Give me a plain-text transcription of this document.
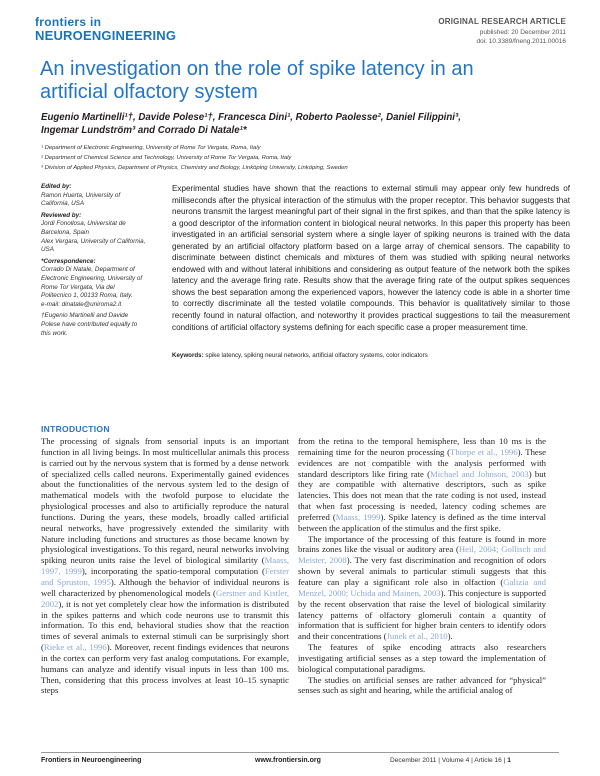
frontiers in
NEUROENGINEERING
ORIGINAL RESEARCH ARTICLE
published: 20 December 2011
doi: 10.3389/fneng.2011.00016
An investigation on the role of spike latency in an artificial olfactory system
Eugenio Martinelli¹†, Davide Polese¹†, Francesca Dini¹, Roberto Paolesse², Daniel Filippini³,
Ingemar Lundström³ and Corrado Di Natale¹*
¹ Department of Electronic Engineering, University of Rome Tor Vergata, Roma, Italy
² Department of Chemical Science and Technology, University of Rome Tor Vergata, Roma, Italy
³ Division of Applied Physics, Department of Physics, Chemistry and Biology, Linköping University, Linköping, Sweden
Edited by:
Ramon Huerta, University of California, USA
Reviewed by:
Jordi Fonollosa, Universitat de Barcelona, Spain
Alex Vergara, University of California, USA
*Correspondence:
Corrado Di Natale, Department of Electronic Engineering, University of Rome Tor Vergata, Via del Politecnico 1, 00133 Roma, Italy.
e-mail: dinatale@uniroma2.it
†Eugenio Martinelli and Davide Polese have contributed equally to this work.
Experimental studies have shown that the reactions to external stimuli may appear only few hundreds of milliseconds after the physical interaction of the stimulus with the proper receptor. This behavior suggests that neurons transmit the largest meaningful part of their signal in the first spikes, and than that the spike latency is a good descriptor of the information content in biological neural networks. In this paper this property has been investigated in an artificial sensorial system where a single layer of spiking neurons is trained with the data generated by an artificial olfactory platform based on a large array of chemical sensors. The capability to discriminate between distinct chemicals and mixtures of them was studied with spiking neural networks endowed with and without lateral inhibitions and considering as output feature of the network both the spikes latency and the average firing rate. Results show that the average firing rate of the output spikes sequences shows the best separation among the experienced vapors, however the latency code is able in a shorter time to correctly discriminate all the tested volatile compounds. This behavior is qualitatively similar to those recently found in natural olfaction, and noteworthy it provides practical suggestions to tail the measurement conditions of artificial olfactory systems defining for each specific case a proper measurement time.
Keywords: spike latency, spiking neural networks, artificial olfactory systems, color indicators
INTRODUCTION

The processing of signals from sensorial inputs is an important function in all living beings. In most multicellular animals this process is carried out by the nervous system that is formed by a dense network of specialized cells called neurons. Experimentally gained evidences about the functionalities of the nervous system led to the design of mathematical models with the twofold purpose to elucidate the physiological processes and also to artificially reproduce the natural functions. During the years, these models, broadly called artificial neural networks, have progressively extended the similarity with Nature including functions and structures as those became known by physiological investigations. To this regard, neural networks involving spiking neuron units raise the level of biological similarity (Maass, 1997, 1999), incorporating the spatio-temporal computation (Ferster and Spruston, 1995). Although the behavior of individual neurons is well characterized by phenomenological models (Gerstner and Kistler, 2002), it is not yet completely clear how the information is distributed in the spikes patterns and which code neurons use to transmit this information. To this end, behavioral studies show that the reaction times of several animals to external stimuli can be surprisingly short (Rieke et al., 1996). Moreover, recent findings evidences that neurons in the cortex can perform very fast analog computations. For example, humans can analyze and identify visual inputs in less than 100 ms. Then, considering that this process involves at least 10–15 synaptic steps

from the retina to the temporal hemisphere, less than 10 ms is the remaining time for the neuron processing (Thorpe et al., 1996). These evidences are not compatible with the analysis performed with standard descriptors like firing rate (Michael and Johnson, 2003) but they are compatible with alternative descriptors, such as spike latencies. This does not mean that the rate coding is not used, instead that when fast processing is needed, latency coding schemes are preferred (Maass, 1999). Spike latency is defined as the time interval between the application of the stimulus and the first spike.

The importance of the processing of this feature is found in more brains zones like the visual or auditory area (Heil, 2004; Gollisch and Meister, 2008). The very fast discrimination and recognition of odors shown by several animals to particular stimuli suggests that this feature can play a significant role also in olfaction (Galizia and Menzel, 2000; Uchida and Mainen, 2003). This conjecture is supported by the recent observation that raise the level of biological similarity latency patterns of olfactory glomeruli contain a quantity of information that is sufficient for higher brain centers to identify odors and their concentrations (Junek et al., 2010).

The features of spike encoding attracts also researchers investigating artificial senses as a step toward the implementation of biological computational paradigms.

The studies on artificial senses are rather advanced for “physical” senses such as sight and hearing, while the artificial analog of

Frontiers in Neuroengineering	www.frontiersin.org	December 2011 | Volume 4 | Article 16 | 1
